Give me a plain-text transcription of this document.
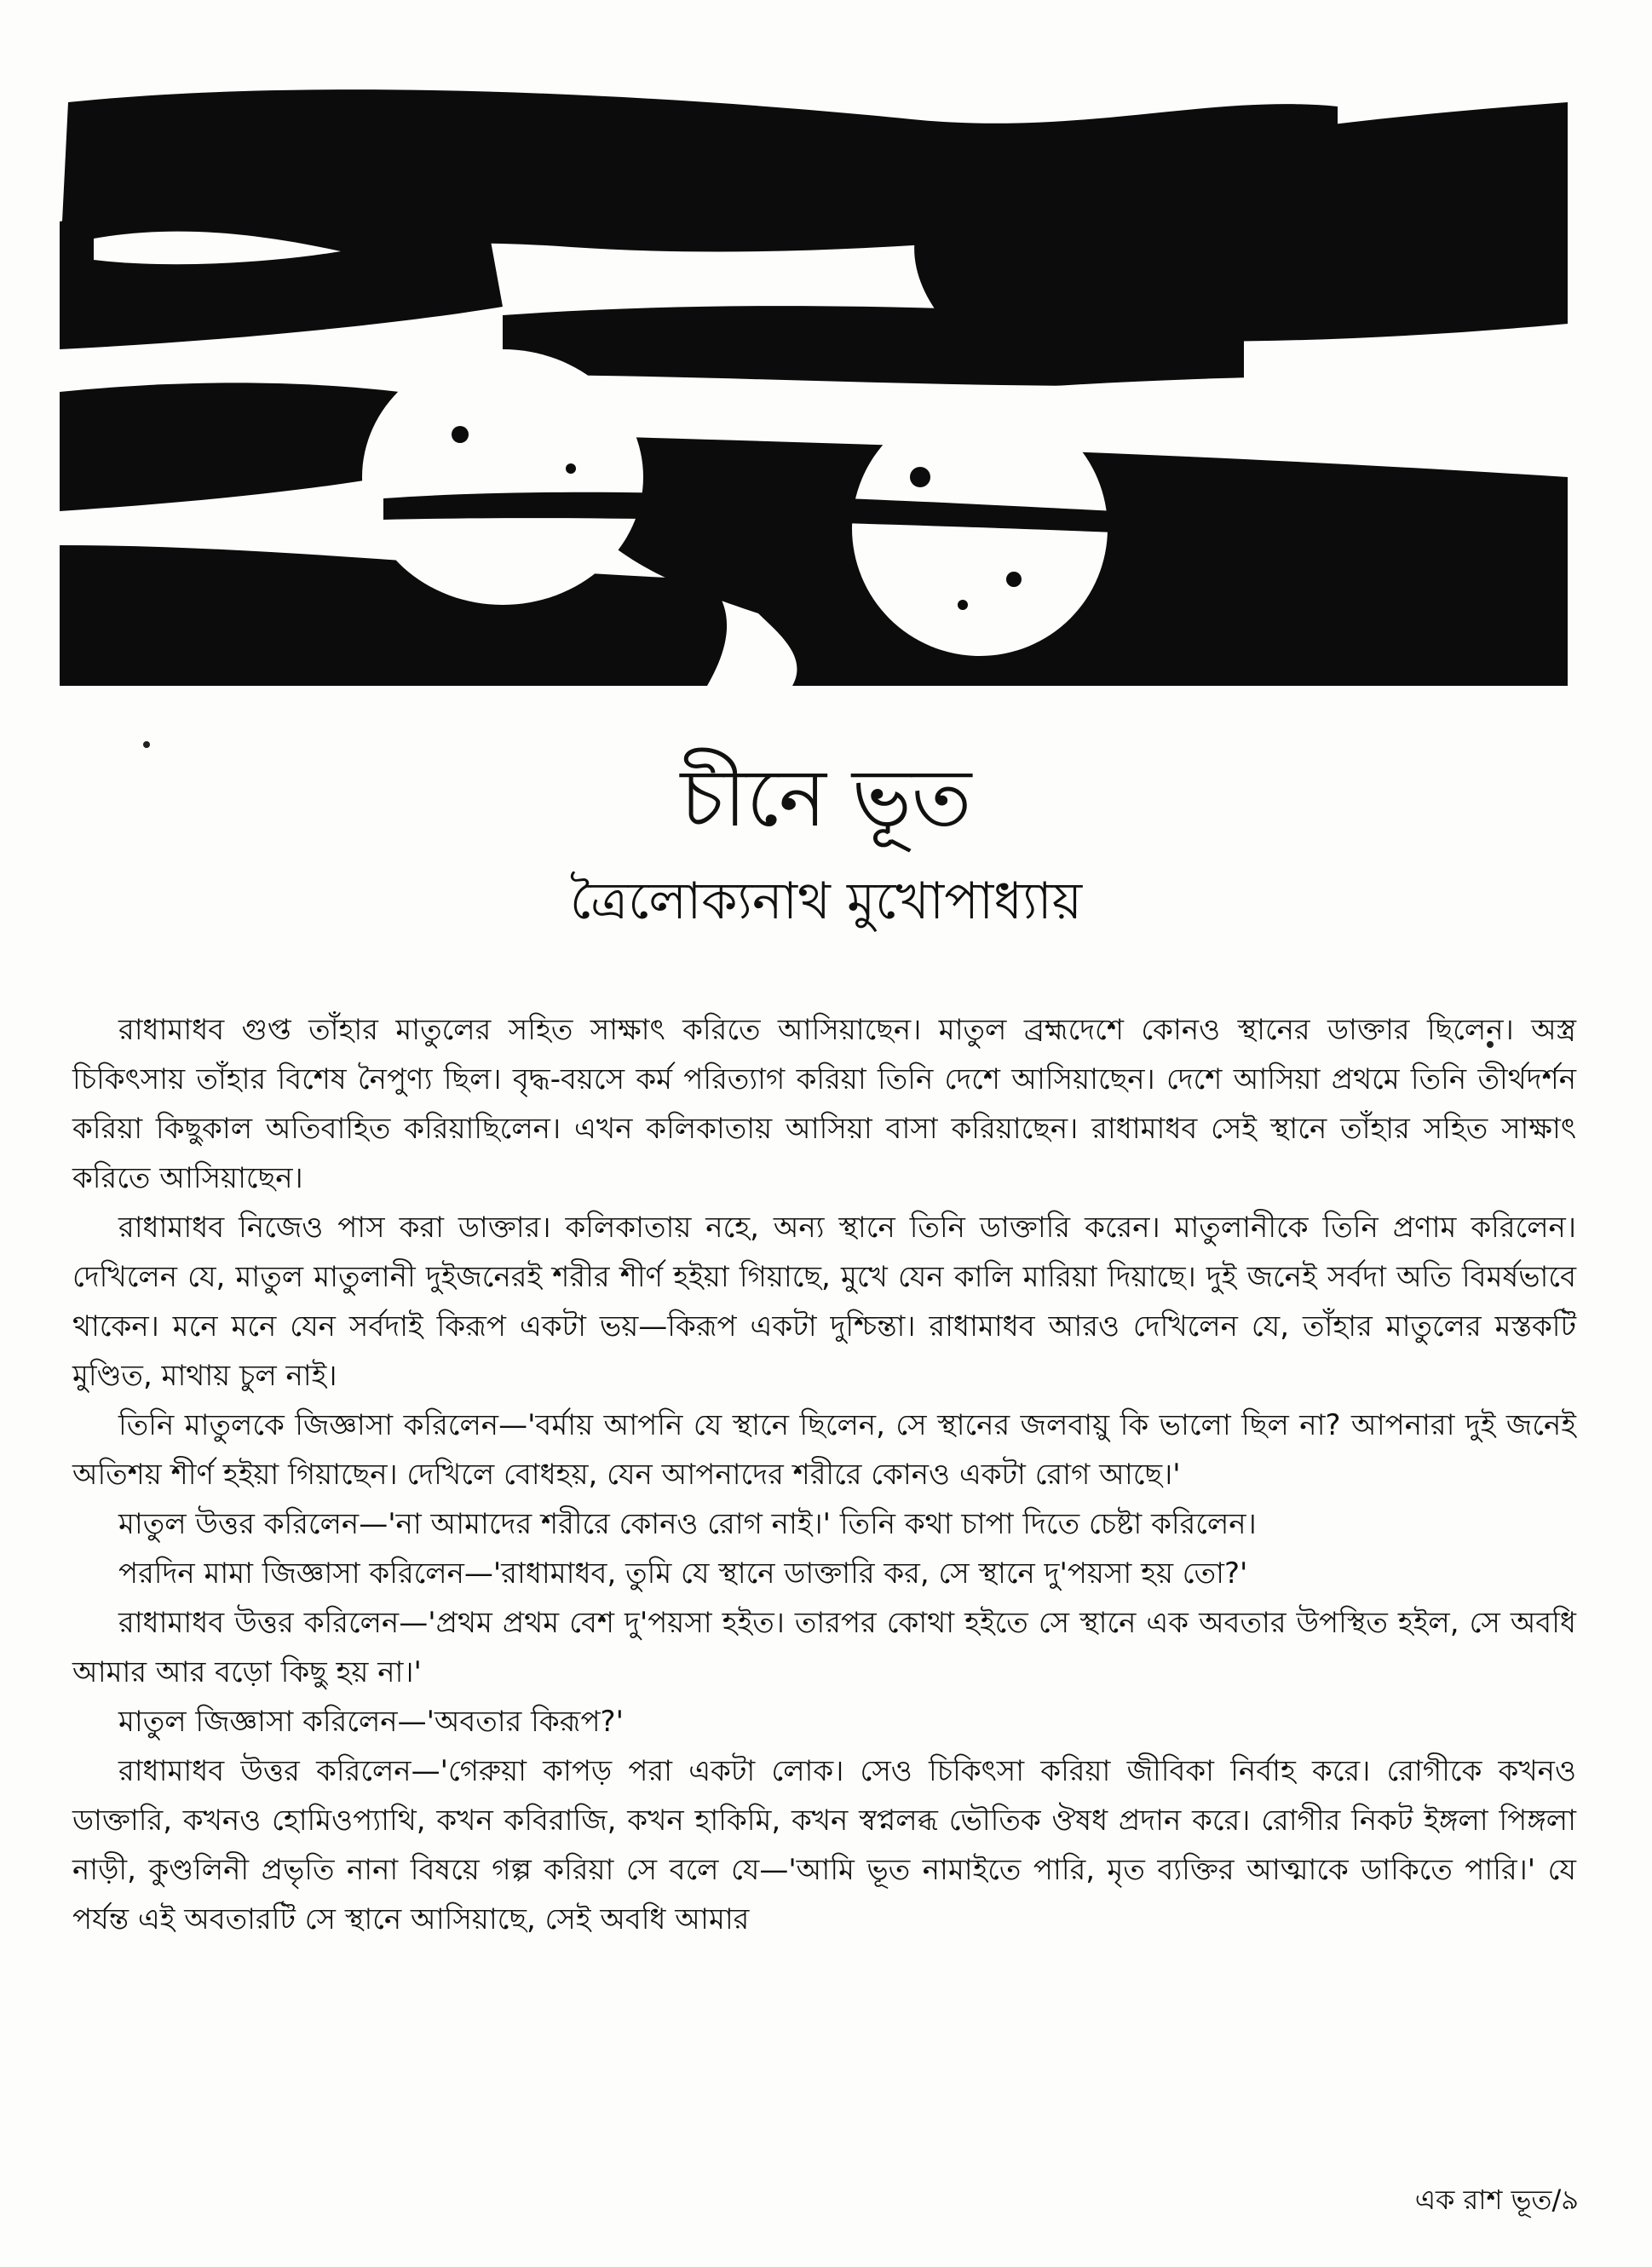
চীনে ভূত
ত্রৈলোক্যনাথ মুখোপাধ্যায়

রাধামাধব গুপ্ত তাঁহার মাতুলের সহিত সাক্ষাৎ করিতে আসিয়াছেন। মাতুল ব্রহ্মদেশে কোনও স্থানের ডাক্তার ছিলেন। অস্ত্র চিকিৎসায় তাঁহার বিশেষ নৈপুণ্য ছিল। বৃদ্ধ-বয়সে কর্ম পরিত্যাগ করিয়া তিনি দেশে আসিয়াছেন। দেশে আসিয়া প্রথমে তিনি তীর্থদর্শন করিয়া কিছুকাল অতিবাহিত করিয়াছিলেন। এখন কলিকাতায় আসিয়া বাসা করিয়াছেন। রাধামাধব সেই স্থানে তাঁহার সহিত সাক্ষাৎ করিতে আসিয়াছেন।

রাধামাধব নিজেও পাস করা ডাক্তার। কলিকাতায় নহে, অন্য স্থানে তিনি ডাক্তারি করেন। মাতুলানীকে তিনি প্রণাম করিলেন। দেখিলেন যে, মাতুল মাতুলানী দুইজনেরই শরীর শীর্ণ হইয়া গিয়াছে, মুখে যেন কালি মারিয়া দিয়াছে। দুই জনেই সর্বদা অতি বিমর্ষভাবে থাকেন। মনে মনে যেন সর্বদাই কিরূপ একটা ভয়—কিরূপ একটা দুশ্চিন্তা। রাধামাধব আরও দেখিলেন যে, তাঁহার মাতুলের মস্তকটি মুণ্ডিত, মাথায় চুল নাই।

তিনি মাতুলকে জিজ্ঞাসা করিলেন—'বর্মায় আপনি যে স্থানে ছিলেন, সে স্থানের জলবায়ু কি ভালো ছিল না? আপনারা দুই জনেই অতিশয় শীর্ণ হইয়া গিয়াছেন। দেখিলে বোধহয়, যেন আপনাদের শরীরে কোনও একটা রোগ আছে।'

মাতুল উত্তর করিলেন—'না আমাদের শরীরে কোনও রোগ নাই।' তিনি কথা চাপা দিতে চেষ্টা করিলেন।

পরদিন মামা জিজ্ঞাসা করিলেন—'রাধামাধব, তুমি যে স্থানে ডাক্তারি কর, সে স্থানে দু'পয়সা হয় তো?'

রাধামাধব উত্তর করিলেন—'প্রথম প্রথম বেশ দু'পয়সা হইত। তারপর কোথা হইতে সে স্থানে এক অবতার উপস্থিত হইল, সে অবধি আমার আর বড়ো কিছু হয় না।'

মাতুল জিজ্ঞাসা করিলেন—'অবতার কিরূপ?'

রাধামাধব উত্তর করিলেন—'গেরুয়া কাপড় পরা একটা লোক। সেও চিকিৎসা করিয়া জীবিকা নির্বাহ করে। রোগীকে কখনও ডাক্তারি, কখনও হোমিওপ্যাথি, কখন কবিরাজি, কখন হাকিমি, কখন স্বপ্নলব্ধ ভৌতিক ঔষধ প্রদান করে। রোগীর নিকট ইঙ্গলা পিঙ্গলা নাড়ী, কুণ্ডলিনী প্রভৃতি নানা বিষয়ে গল্প করিয়া সে বলে যে—'আমি ভূত নামাইতে পারি, মৃত ব্যক্তির আত্মাকে ডাকিতে পারি।' যে পর্যন্ত এই অবতারটি সে স্থানে আসিয়াছে, সেই অবধি আমার

এক রাশ ভূত/৯
